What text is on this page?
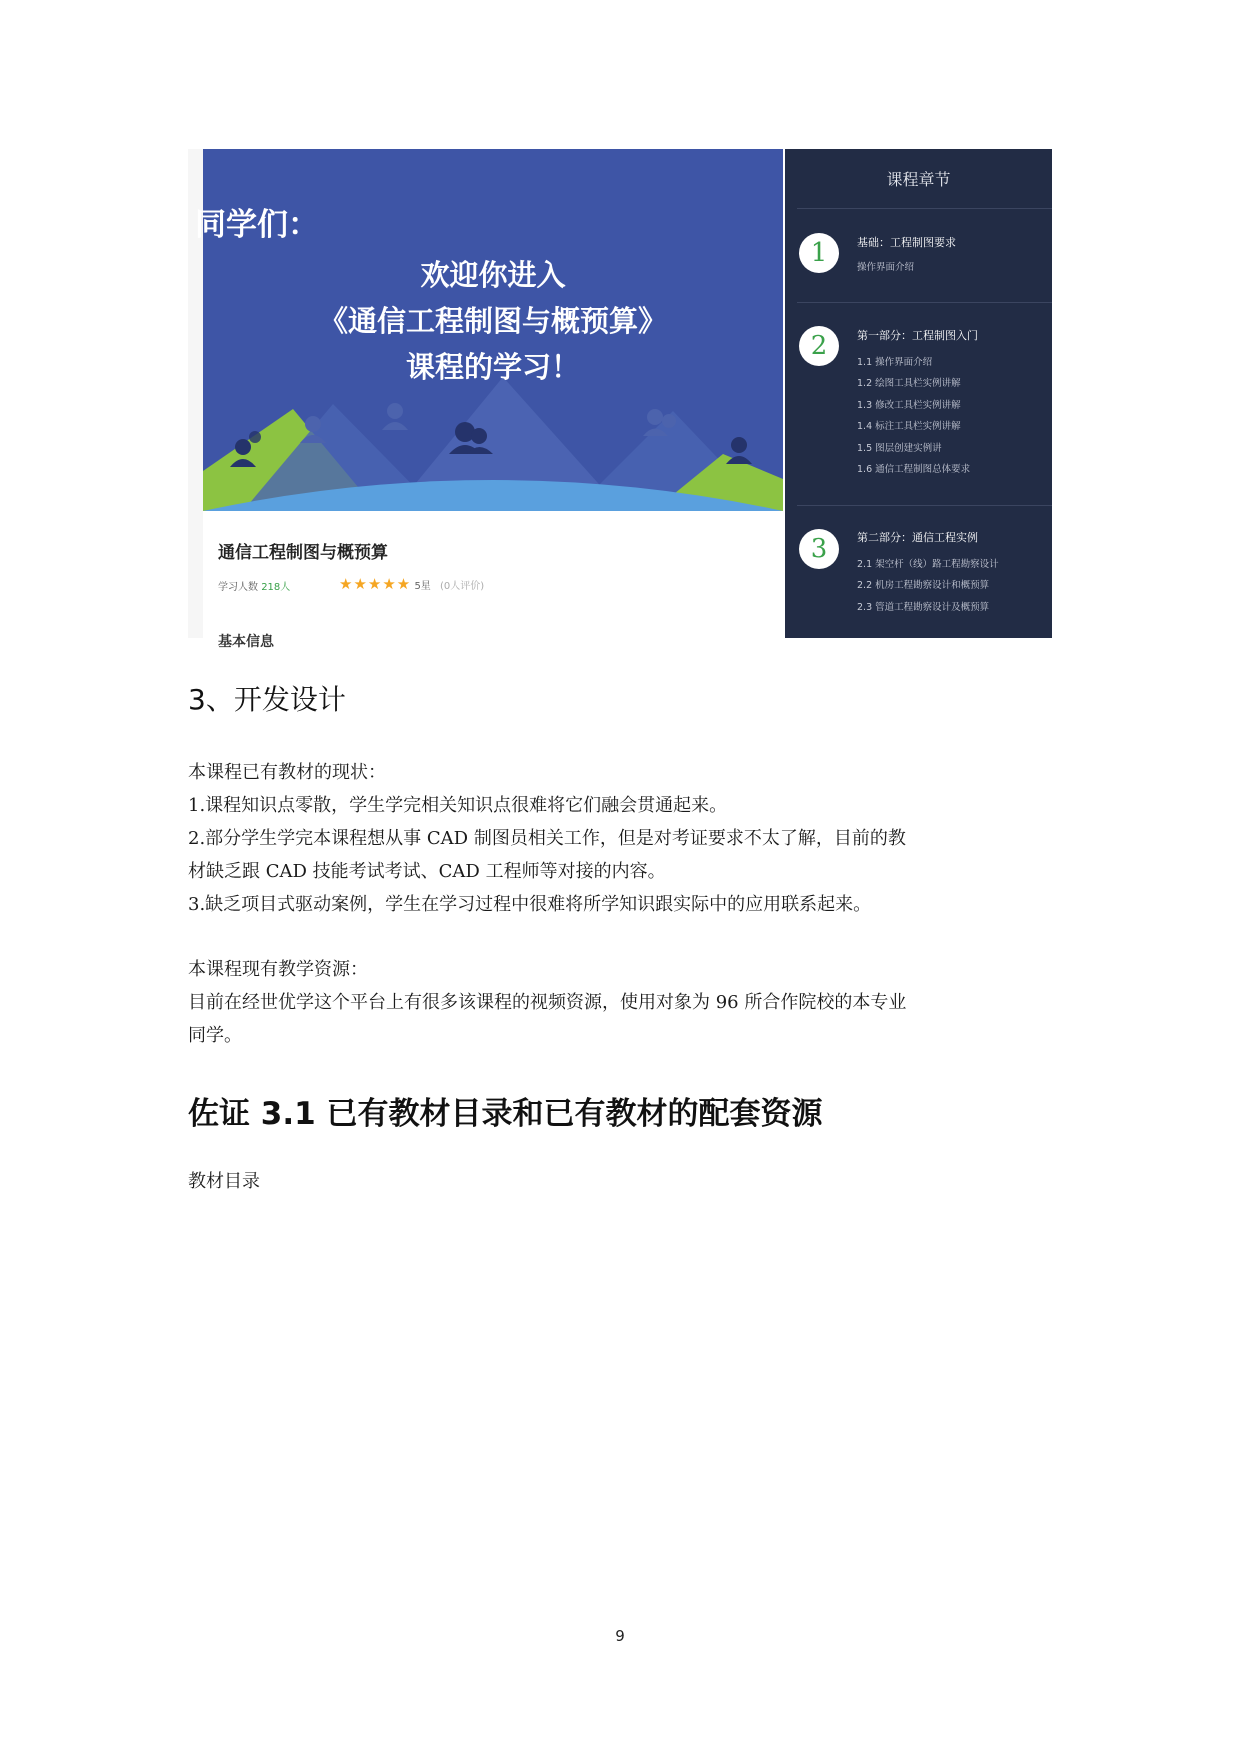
同学们：
欢迎你进入
《通信工程制图与概预算》
课程的学习！
通信工程制图与概预算
学习人数 218人	★★★★★ 5星 (0人评价)
基本信息
课程章节
1	基础：工程制图要求
操作界面介绍
2	第一部分：工程制图入门
1.1 操作界面介绍
1.2 绘图工具栏实例讲解
1.3 修改工具栏实例讲解
1.4 标注工具栏实例讲解
1.5 图层创建实例讲
1.6 通信工程制图总体要求
3	第二部分：通信工程实例
2.1 架空杆（线）路工程勘察设计
2.2 机房工程勘察设计和概预算
2.3 管道工程勘察设计及概预算
3、开发设计
本课程已有教材的现状：
1.课程知识点零散，学生学完相关知识点很难将它们融会贯通起来。
2.部分学生学完本课程想从事 CAD 制图员相关工作，但是对考证要求不太了解，目前的教
材缺乏跟 CAD 技能考试考试、CAD 工程师等对接的内容。
3.缺乏项目式驱动案例，学生在学习过程中很难将所学知识跟实际中的应用联系起来。
本课程现有教学资源：
目前在经世优学这个平台上有很多该课程的视频资源，使用对象为 96 所合作院校的本专业
同学。
佐证 3.1 已有教材目录和已有教材的配套资源
教材目录
9
